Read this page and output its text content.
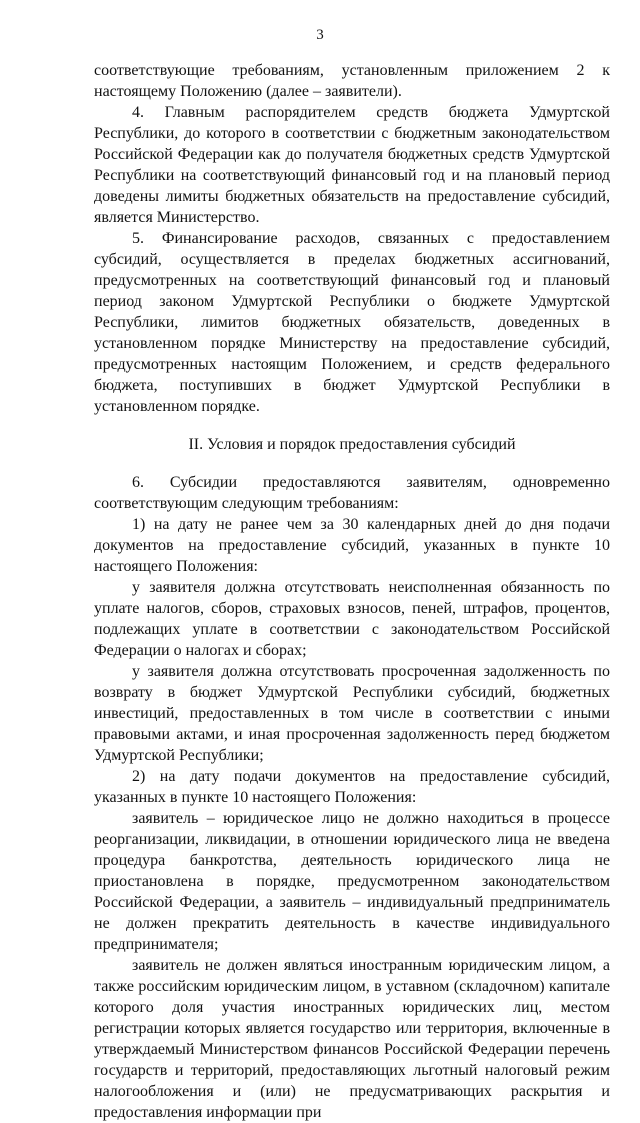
3

соответствующие требованиям, установленным приложением 2 к настоящему Положению (далее – заявители).

4. Главным распорядителем средств бюджета Удмуртской Республики, до которого в соответствии с бюджетным законодательством Российской Федерации как до получателя бюджетных средств Удмуртской Республики на соответствующий финансовый год и на плановый период доведены лимиты бюджетных обязательств на предоставление субсидий, является Министерство.

5. Финансирование расходов, связанных с предоставлением субсидий, осуществляется в пределах бюджетных ассигнований, предусмотренных на соответствующий финансовый год и плановый период законом Удмуртской Республики о бюджете Удмуртской Республики, лимитов бюджетных обязательств, доведенных в установленном порядке Министерству на предоставление субсидий, предусмотренных настоящим Положением, и средств федерального бюджета, поступивших в бюджет Удмуртской Республики в установленном порядке.

II. Условия и порядок предоставления субсидий

6. Субсидии предоставляются заявителям, одновременно соответствующим следующим требованиям:

1) на дату не ранее чем за 30 календарных дней до дня подачи документов на предоставление субсидий, указанных в пункте 10 настоящего Положения:

у заявителя должна отсутствовать неисполненная обязанность по уплате налогов, сборов, страховых взносов, пеней, штрафов, процентов, подлежащих уплате в соответствии с законодательством Российской Федерации о налогах и сборах;

у заявителя должна отсутствовать просроченная задолженность по возврату в бюджет Удмуртской Республики субсидий, бюджетных инвестиций, предоставленных в том числе в соответствии с иными правовыми актами, и иная просроченная задолженность перед бюджетом Удмуртской Республики;

2) на дату подачи документов на предоставление субсидий, указанных в пункте 10 настоящего Положения:

заявитель – юридическое лицо не должно находиться в процессе реорганизации, ликвидации, в отношении юридического лица не введена процедура банкротства, деятельность юридического лица не приостановлена в порядке, предусмотренном законодательством Российской Федерации, а заявитель – индивидуальный предприниматель не должен прекратить деятельность в качестве индивидуального предпринимателя;

заявитель не должен являться иностранным юридическим лицом, а также российским юридическим лицом, в уставном (складочном) капитале которого доля участия иностранных юридических лиц, местом регистрации которых является государство или территория, включенные в утверждаемый Министерством финансов Российской Федерации перечень государств и территорий, предоставляющих льготный налоговый режим налогообложения и (или) не предусматривающих раскрытия и предоставления информации при
